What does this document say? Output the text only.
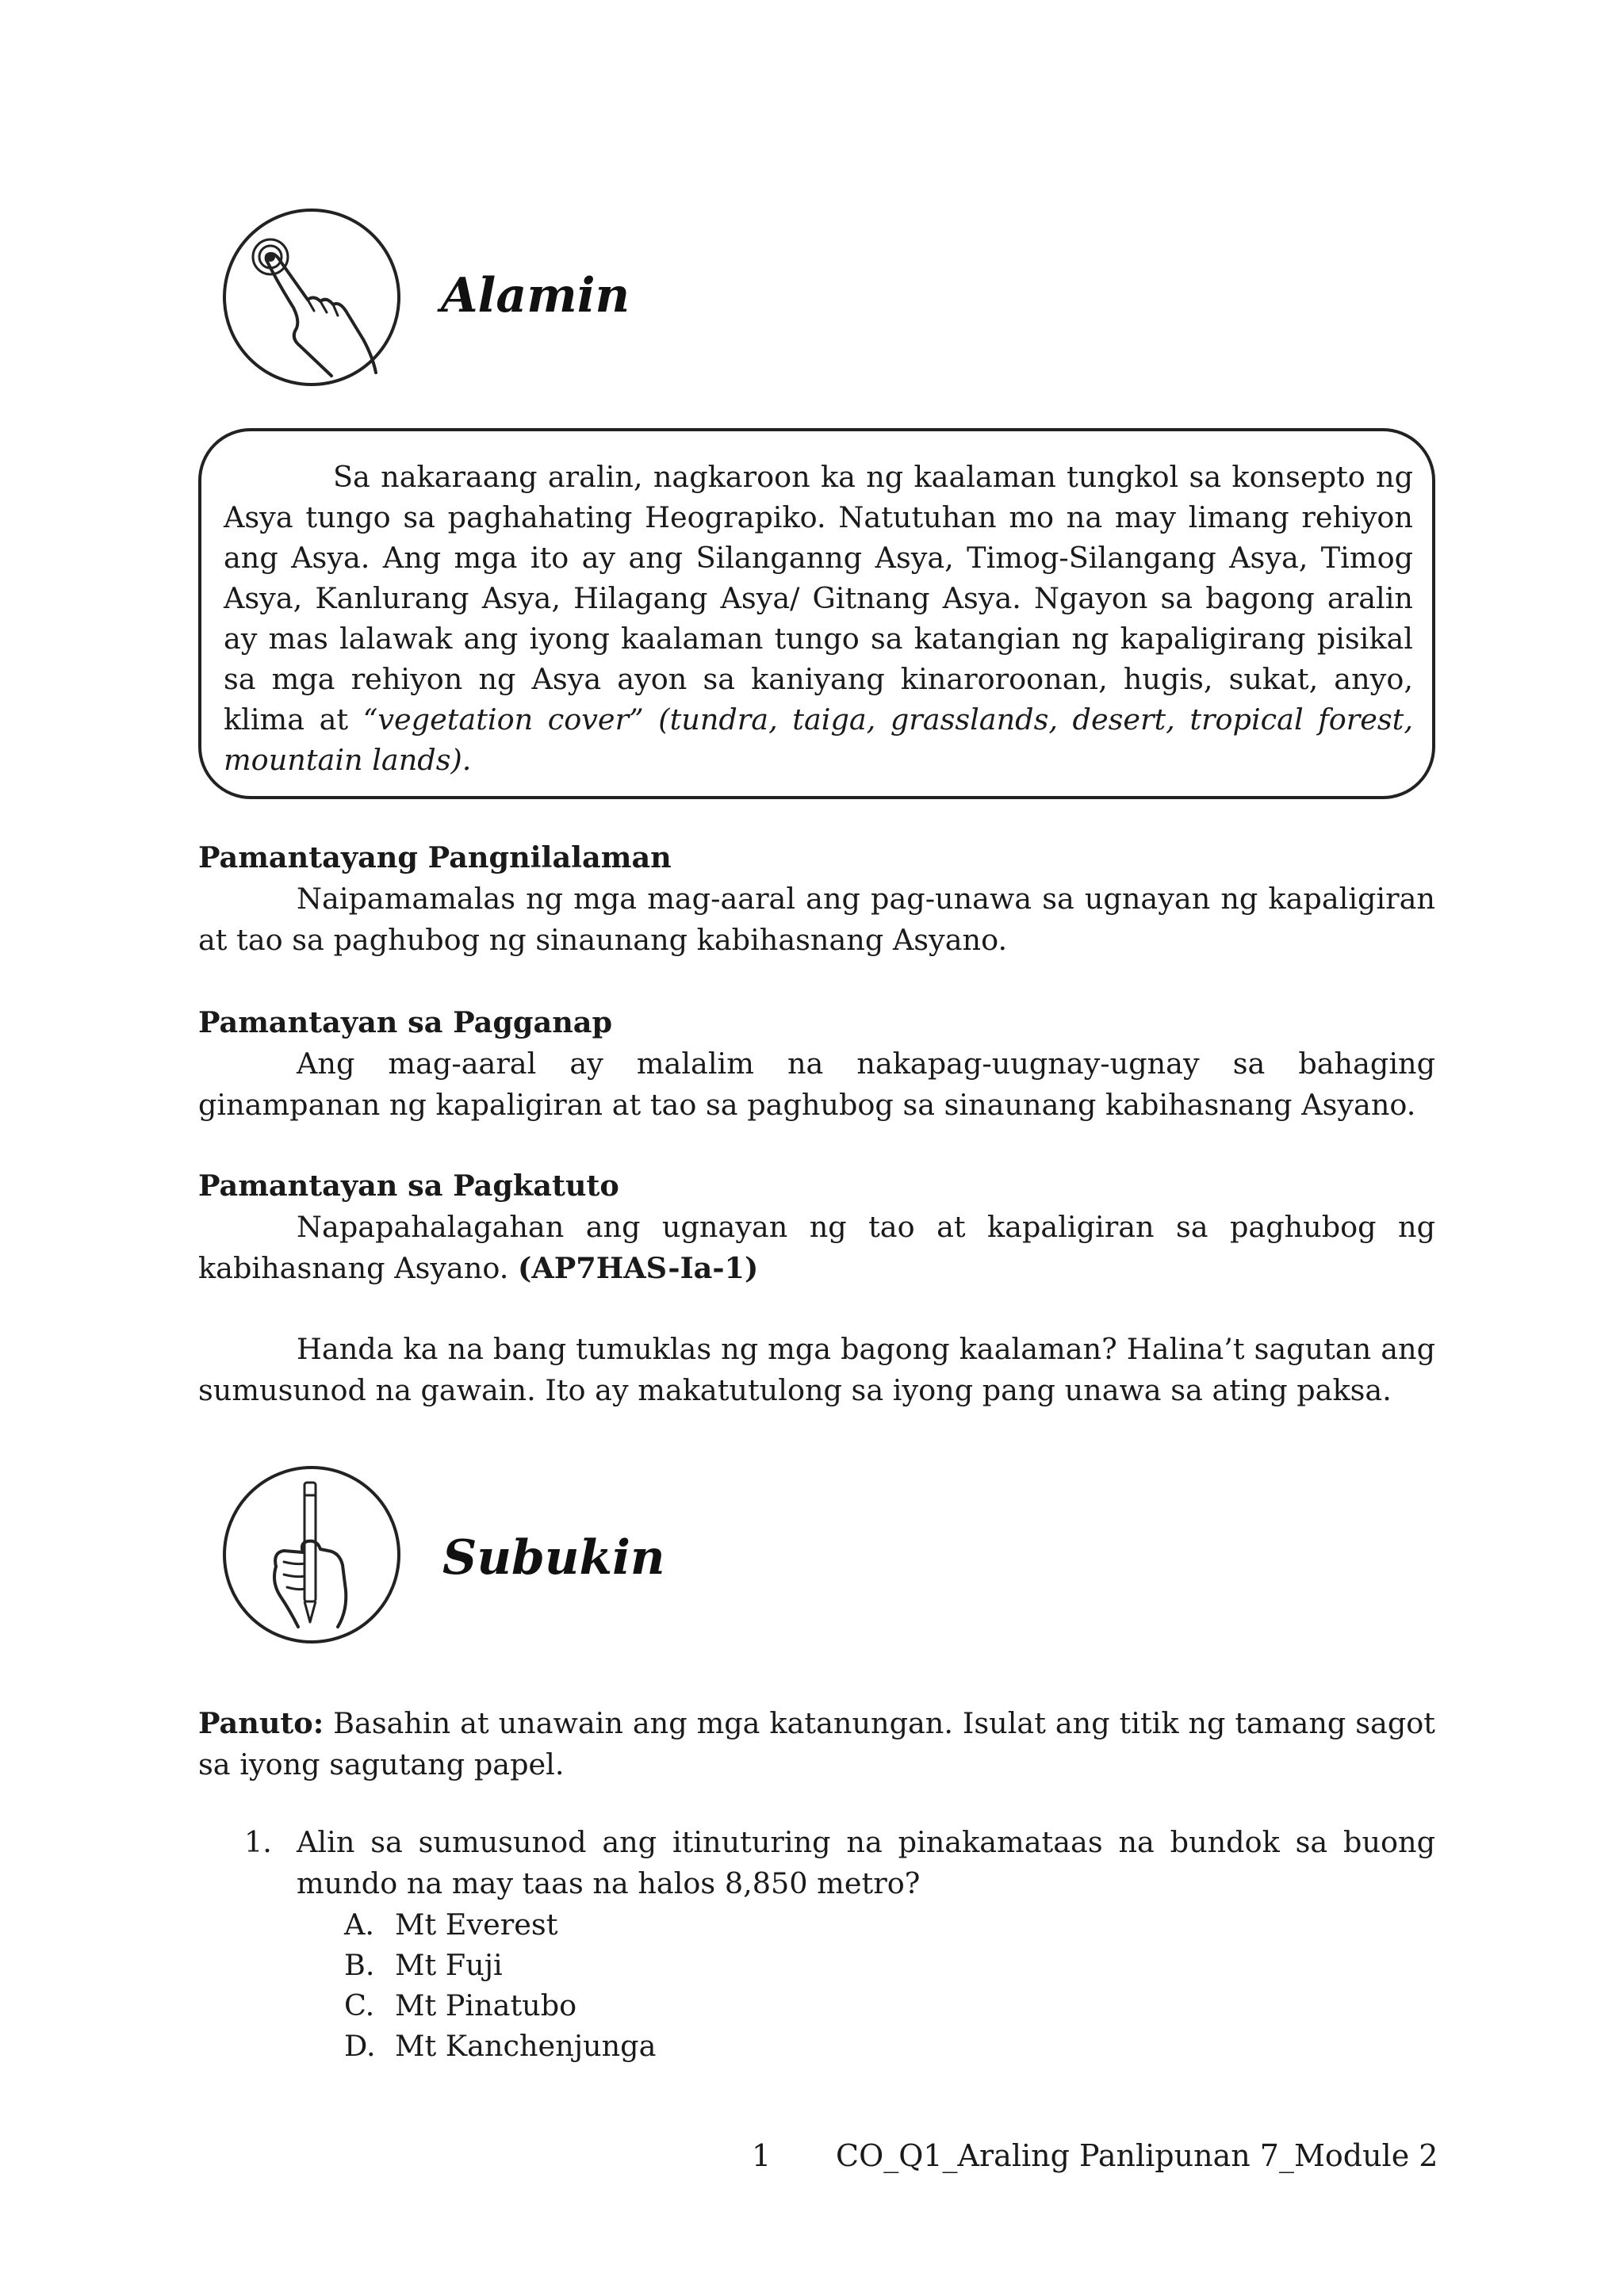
Alamin

Sa nakaraang aralin, nagkaroon ka ng kaalaman tungkol sa konsepto ng Asya tungo sa paghahating Heograpiko. Natutuhan mo na may limang rehiyon ang Asya. Ang mga ito ay ang Silanganng Asya, Timog-Silangang Asya, Timog Asya, Kanlurang Asya, Hilagang Asya/ Gitnang Asya. Ngayon sa bagong aralin ay mas lalawak ang iyong kaalaman tungo sa katangian ng kapaligirang pisikal sa mga rehiyon ng Asya ayon sa kaniyang kinaroroonan, hugis, sukat, anyo, klima at “vegetation cover” (tundra, taiga, grasslands, desert, tropical forest, mountain lands).

Pamantayang Pangnilalaman

Naipamamalas ng mga mag-aaral ang pag-unawa sa ugnayan ng kapaligiran at tao sa paghubog ng sinaunang kabihasnang Asyano.

Pamantayan sa Pagganap

Ang mag-aaral ay malalim na nakapag-uugnay-ugnay sa bahaging ginampanan ng kapaligiran at tao sa paghubog sa sinaunang kabihasnang Asyano.

Pamantayan sa Pagkatuto

Napapahalagahan ang ugnayan ng tao at kapaligiran sa paghubog ng kabihasnang Asyano. (AP7HAS-Ia-1)

Handa ka na bang tumuklas ng mga bagong kaalaman? Halina’t sagutan ang sumusunod na gawain. Ito ay makatutulong sa iyong pang unawa sa ating paksa.

Subukin

Panuto: Basahin at unawain ang mga katanungan. Isulat ang titik ng tamang sagot sa iyong sagutang papel.

1. Alin sa sumusunod ang itinuturing na pinakamataas na bundok sa buong mundo na may taas na halos 8,850 metro?

A. Mt Everest
B. Mt Fuji
C. Mt Pinatubo
D. Mt Kanchenjunga
1 CO_Q1_Araling Panlipunan 7_Module 2
